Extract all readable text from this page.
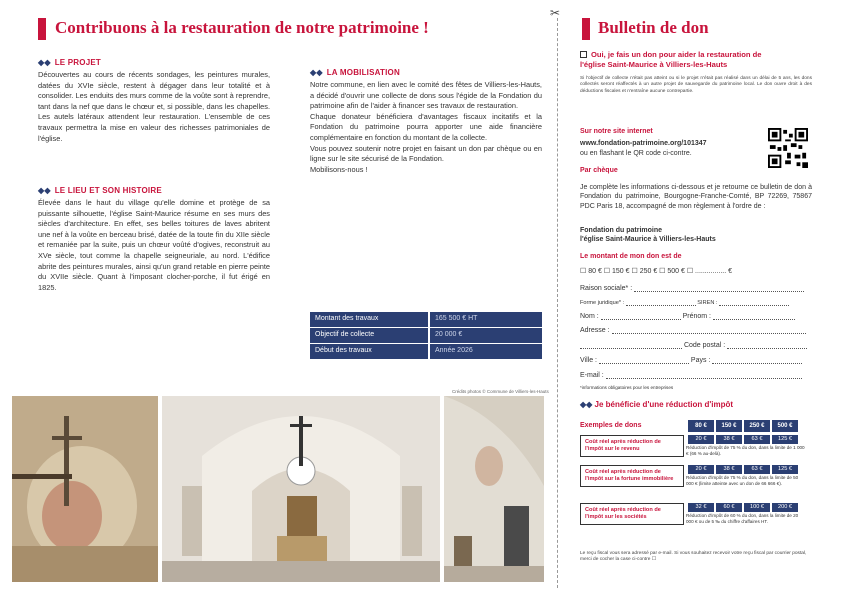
Contribuons à la restauration de notre patrimoine !
◆◆ LE PROJET
Découvertes au cours de récents sondages, les peintures murales, datées du XVIe siècle, restent à dégager dans leur totalité et à consolider. Les enduits des murs comme de la voûte sont à reprendre, tant dans la nef que dans le chœur et, si possible, dans les chapelles. Les autels latéraux attendent leur restauration. L'ensemble de ces travaux permettra la mise en valeur des richesses patrimoniales de l'église.
◆◆ LE LIEU ET SON HISTOIRE
Élevée dans le haut du village qu'elle domine et protège de sa puissante silhouette, l'église Saint-Maurice résume en ses murs des siècles d'architecture. En effet, ses belles toitures de laves abritent une nef à la voûte en berceau brisé, datée de la toute fin du XIIe siècle et remaniée par la suite, puis un chœur voûté d'ogives, reconstruit au XVe siècle, tout comme la chapelle seigneuriale, au nord. L'édifice abrite des peintures murales, ainsi qu'un grand retable en pierre peinte du XVIIe siècle. Quant à l'imposant clocher-porche, il fut érigé en 1825.
◆◆ LA MOBILISATION
Notre commune, en lien avec le comité des fêtes de Villiers-les-Hauts, a décidé d'ouvrir une collecte de dons sous l'égide de la Fondation du patrimoine afin de l'aider à financer ses travaux de restauration.
Chaque donateur bénéficiera d'avantages fiscaux incitatifs et la Fondation du patrimoine pourra apporter une aide financière complémentaire en fonction du montant de la collecte.
Vous pouvez soutenir notre projet en faisant un don par chèque ou en ligne sur le site sécurisé de la Fondation.
Mobilisons-nous !
Montant des travaux	165 500 € HT
Objectif de collecte	20 000 €
Début des travaux	Année 2026
Crédits photos © Commune de Villiers-les-Hauts
✂
Bulletin de don
Oui, je fais un don pour aider la restauration de
l'église Saint-Maurice à Villiers-les-Hauts
Si l'objectif de collecte n'était pas atteint ou si le projet n'était pas réalisé dans un délai de 5 ans, les dons collectés seront réaffectés à un autre projet de sauvegarde du patrimoine local. Le don ouvre droit à des déductions fiscales et n'entraîne aucune contrepartie.
Sur notre site internet
www.fondation-patrimoine.org/101347
ou en flashant le QR code ci-contre.
Par chèque
Je complète les informations ci-dessous et je retourne ce bulletin de don à Fondation du patrimoine, Bourgogne-Franche-Comté, BP 72269, 75867 PDC Paris 18, accompagné de mon règlement à l'ordre de :
Fondation du patrimoine
l'église Saint-Maurice à Villiers-les-Hauts
Le montant de mon don est de
☐ 80 € ☐ 150 € ☐ 250 € ☐ 500 € ☐ ................ €
Raison sociale* :
Forme juridique* :	SIREN :
Nom :	Prénom :
Adresse :
Code postal :
Ville :	Pays :
E-mail :
*informations obligatoires pour les entreprises
◆◆ Je bénéficie d'une réduction d'impôt
Exemples de dons	80 €	150 €	250 €	500 €
Coût réel après réduction de l'impôt sur le revenu
20 €	38 €	63 €	125 €
Réduction d'impôt de 75 % du don, dans la limite de 1 000 € (66 % au-delà).
Coût réel après réduction de l'impôt sur la fortune immobilière
20 €	38 €	63 €	125 €
Réduction d'impôt de 75 % du don, dans la limite de 50 000 € (limite atteinte avec un don de 66 666 €).
Coût réel après réduction de l'impôt sur les sociétés
32 €	60 €	100 €	200 €
Réduction d'impôt de 60 % du don, dans la limite de 20 000 € ou de 5 ‰ du chiffre d'affaires HT.
Le reçu fiscal vous sera adressé par e-mail. Si vous souhaitez recevoir votre reçu fiscal par courrier postal, merci de cocher la case ci-contre ☐
